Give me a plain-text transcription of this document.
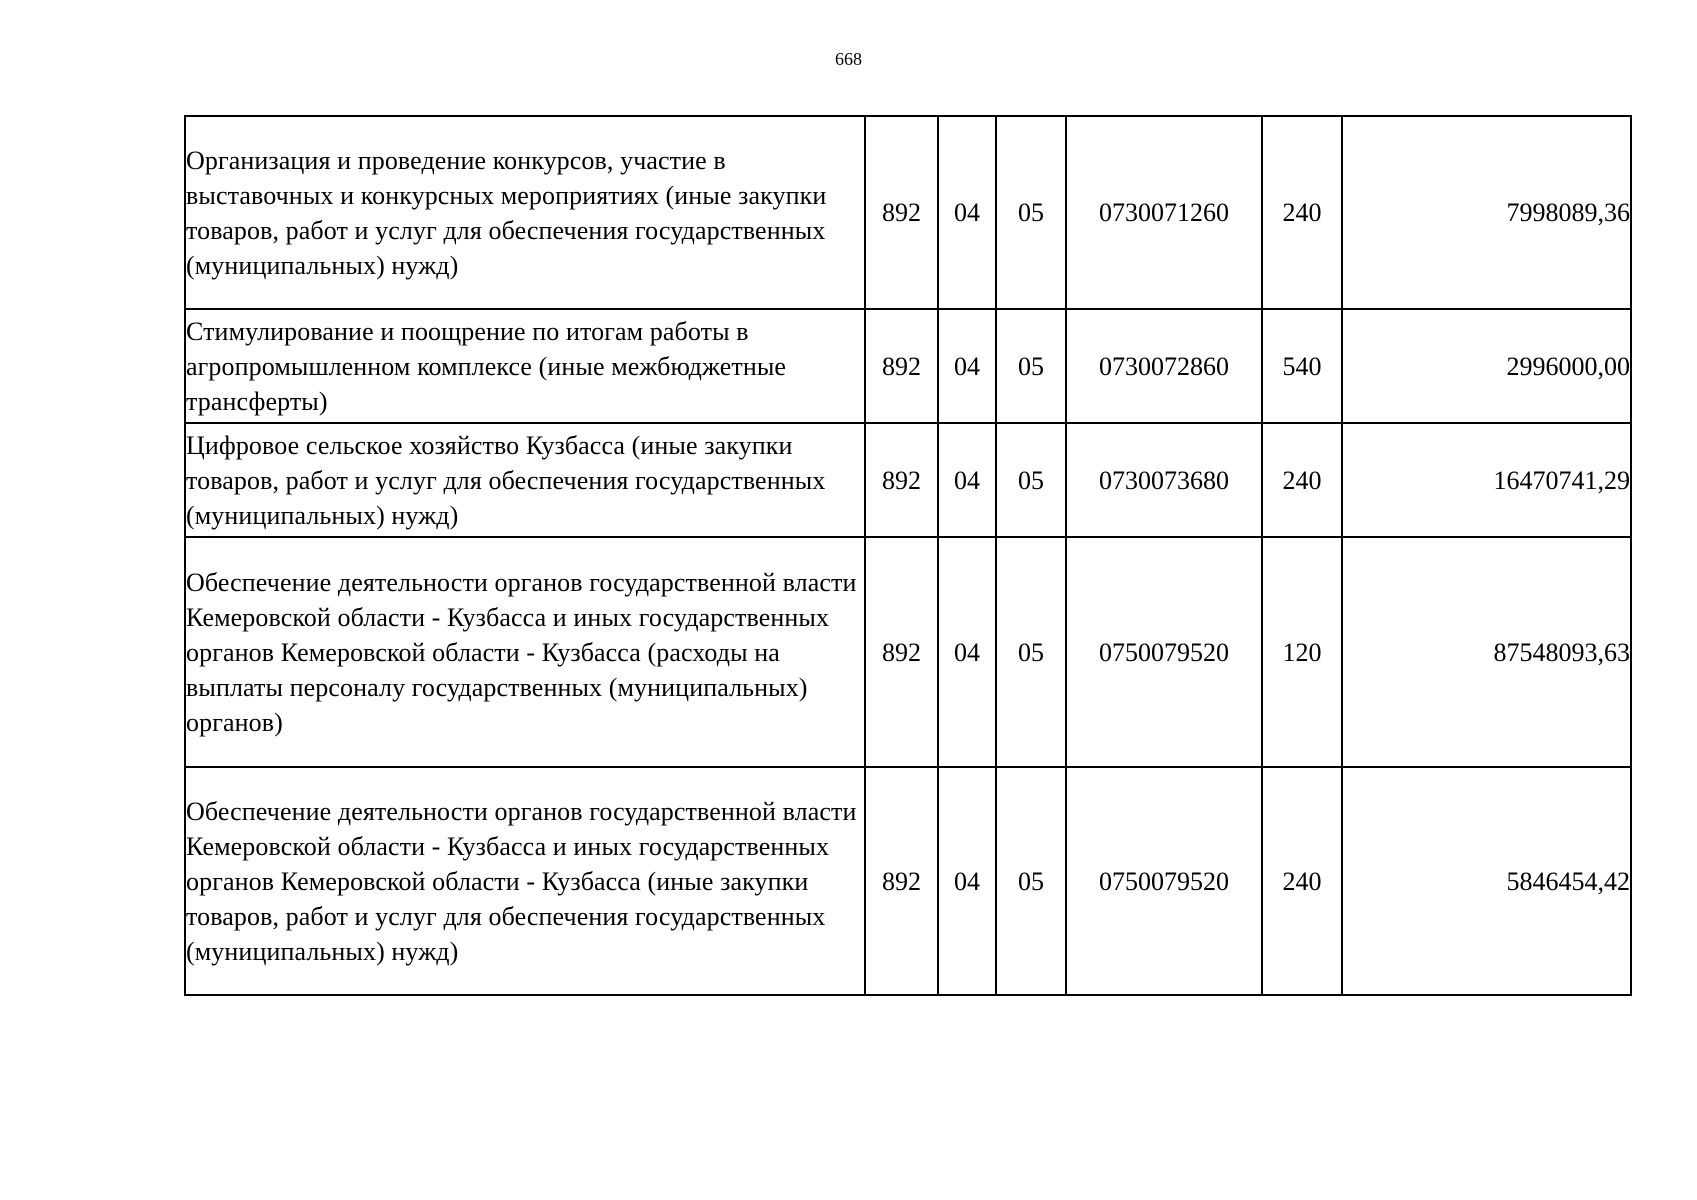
668
Организация и проведение конкурсов, участие в выставочных и конкурсных мероприятиях (иные закупки товаров, работ и услуг для обеспечения государственных (муниципальных) нужд)	892	04	05	0730071260	240	7998089,36
Стимулирование и поощрение по итогам работы в агропромышленном комплексе (иные межбюджетные трансферты)	892	04	05	0730072860	540	2996000,00
Цифровое сельское хозяйство Кузбасса (иные закупки товаров, работ и услуг для обеспечения государственных (муниципальных) нужд)	892	04	05	0730073680	240	16470741,29
Обеспечение деятельности органов государственной власти Кемеровской области - Кузбасса и иных государственных органов Кемеровской области - Кузбасса (расходы на выплаты персоналу государственных (муниципальных) органов)	892	04	05	0750079520	120	87548093,63
Обеспечение деятельности органов государственной власти Кемеровской области - Кузбасса и иных государственных органов Кемеровской области - Кузбасса (иные закупки товаров, работ и услуг для обеспечения государственных (муниципальных) нужд)	892	04	05	0750079520	240	5846454,42
